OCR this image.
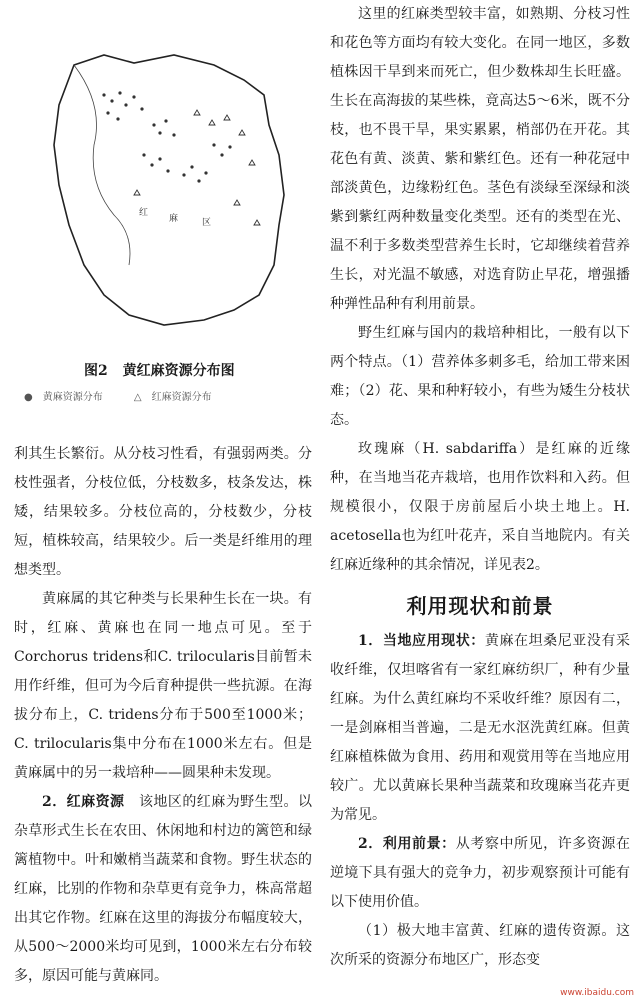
红
麻	区
图2 黄红麻资源分布图
●　黄麻资源分布	△　红麻资源分布

利其生长繁衍。从分枝习性看，有强弱两类。分枝性强者，分枝位低，分枝数多，枝条发达，株矮，结果较多。分枝位高的，分枝数少，分枝短，植株较高，结果较少。后一类是纤维用的理想类型。

黄麻属的其它种类与长果种生长在一块。有时，红麻、黄麻也在同一地点可见。至于Corchorus tridens和C. trilocularis目前暂未用作纤维，但可为今后育种提供一些抗源。在海拔分布上，C. tridens分布于500至1000米；C. trilocularis集中分布在1000米左右。但是黄麻属中的另一栽培种——圆果种未发现。

2．红麻资源　 该地区的红麻为野生型。以杂草形式生长在农田、休闲地和村边的篱笆和绿篱植物中。叶和嫩梢当蔬菜和食物。野生状态的红麻，比别的作物和杂草更有竞争力，株高常超出其它作物。红麻在这里的海拔分布幅度较大，从500～2000米均可见到，1000米左右分布较多，原因可能与黄麻同。

这里的红麻类型较丰富，如熟期、分枝习性和花色等方面均有较大变化。在同一地区，多数植株因干旱到来而死亡，但少数株却生长旺盛。生长在高海拔的某些株，竟高达5～6米，既不分枝，也不畏干旱，果实累累，梢部仍在开花。其花色有黄、淡黄、紫和紫红色。还有一种花冠中部淡黄色，边缘粉红色。茎色有淡绿至深绿和淡紫到紫红两种数量变化类型。还有的类型在光、温不利于多数类型营养生长时，它却继续着营养生长，对光温不敏感，对选育防止早花，增强播种弹性品种有利用前景。

野生红麻与国内的栽培种相比，一般有以下两个特点。（1）营养体多刺多毛，给加工带来困难；（2）花、果和种籽较小，有些为矮生分枝状态。

玫瑰麻（H. sabdariffa）是红麻的近缘种，在当地当花卉栽培，也用作饮料和入药。但规模很小，仅限于房前屋后小块土地上。H. acetosella也为红叶花卉，采自当地院内。有关红麻近缘种的其余情况，详见表2。

利用现状和前景

1．当地应用现状：黄麻在坦桑尼亚没有采收纤维，仅坦喀省有一家红麻纺织厂，种有少量红麻。为什么黄红麻均不采收纤维？原因有二，一是剑麻相当普遍，二是无水沤洗黄红麻。但黄红麻植株做为食用、药用和观赏用等在当地应用较广。尤以黄麻长果种当蔬菜和玫瑰麻当花卉更为常见。

2．利用前景：从考察中所见，许多资源在逆境下具有强大的竞争力，初步观察预计可能有以下使用价值。

（1）极大地丰富黄、红麻的遗传资源。这次所采的资源分布地区广，形态变

www.ibaidu.com
